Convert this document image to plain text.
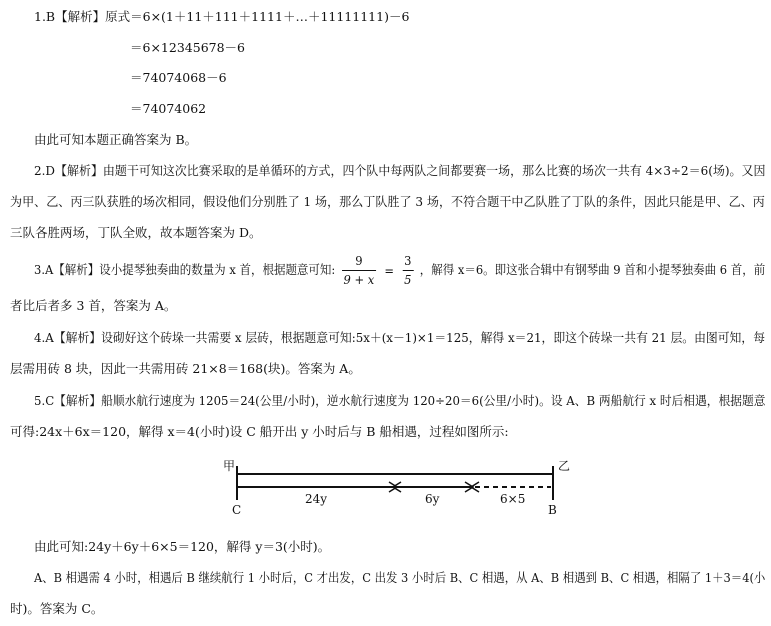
1.B【解析】原式＝6×(1＋11＋111＋1111＋…＋11111111)－6
＝6×12345678－6
＝74074068－6
＝74074062
由此可知本题正确答案为 B。
2.D【解析】由题干可知这次比赛采取的是单循环的方式，四个队中每两队之间都要赛一场，那么比赛的场次一共有 4×3÷2＝6(场)。又因
为甲、乙、丙三队获胜的场次相同，假设他们分别胜了 1 场，那么丁队胜了 3 场，不符合题干中乙队胜了丁队的条件，因此只能是甲、乙、丙
三队各胜两场，丁队全败，故本题答案为 D。
3.A【解析】设小提琴独奏曲的数量为 x 首，根据题意可知: $\frac{9}{9 + x} = \frac{3}{5}$ ，解得 x＝6。即这张合辑中有钢琴曲 9 首和小提琴独奏曲 6 首，前
者比后者多 3 首，答案为 A。
4.A【解析】设砌好这个砖垛一共需要 x 层砖，根据题意可知:5x＋(x－1)×1＝125，解得 x＝21，即这个砖垛一共有 21 层。由图可知，每
层需用砖 8 块，因此一共需用砖 21×8＝168(块)。答案为 A。
5.C【解析】船顺水航行速度为 1205＝24(公里/小时)，逆水航行速度为 120÷20＝6(公里/小时)。设 A、B 两船航行 x 时后相遇，根据题意
可得:24x＋6x＝120，解得 x＝4(小时)设 C 船开出 y 小时后与 B 船相遇，过程如图所示:
甲	乙
C	B
24y	6y	6×5
由此可知:24y＋6y＋6×5＝120，解得 y＝3(小时)。
A、B 相遇需 4 小时，相遇后 B 继续航行 1 小时后，C 才出发，C 出发 3 小时后 B、C 相遇，从 A、B 相遇到 B、C 相遇，相隔了 1＋3＝4(小
时)。答案为 C。
